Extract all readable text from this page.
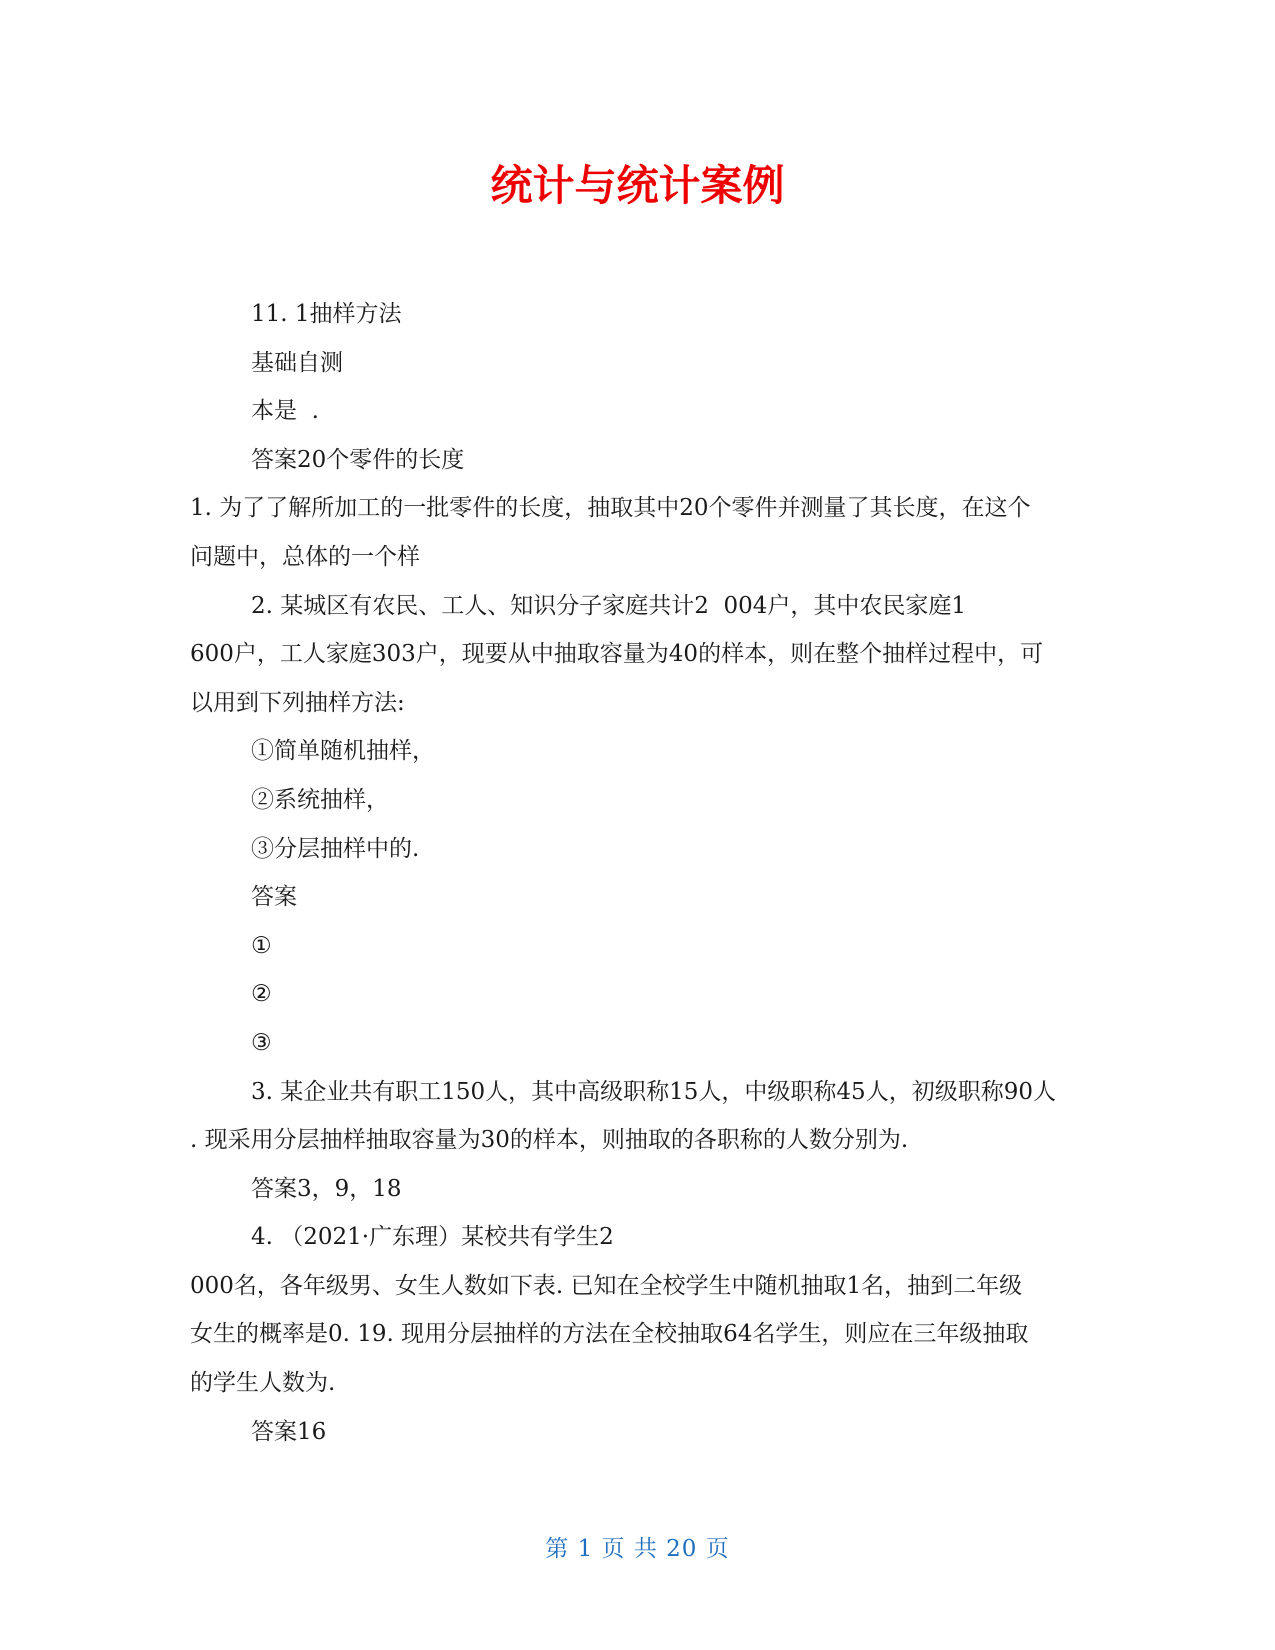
统计与统计案例
11. 1抽样方法
基础自测
本是  .
答案20个零件的长度
1. 为了了解所加工的一批零件的长度，抽取其中20个零件并测量了其长度，在这个
问题中，总体的一个样
2. 某城区有农民、工人、知识分子家庭共计2  004户，其中农民家庭1
600户，工人家庭303户，现要从中抽取容量为40的样本，则在整个抽样过程中，可
以用到下列抽样方法:
①简单随机抽样，
②系统抽样，
③分层抽样中的.
答案
①
②
③
3. 某企业共有职工150人，其中高级职称15人，中级职称45人，初级职称90人
. 现采用分层抽样抽取容量为30的样本，则抽取的各职称的人数分别为.
答案3，9，18
4. （2021·广东理）某校共有学生2
000名，各年级男、女生人数如下表. 已知在全校学生中随机抽取1名，抽到二年级
女生的概率是0. 19. 现用分层抽样的方法在全校抽取64名学生，则应在三年级抽取
的学生人数为.
答案16
第 1 页 共 20 页
